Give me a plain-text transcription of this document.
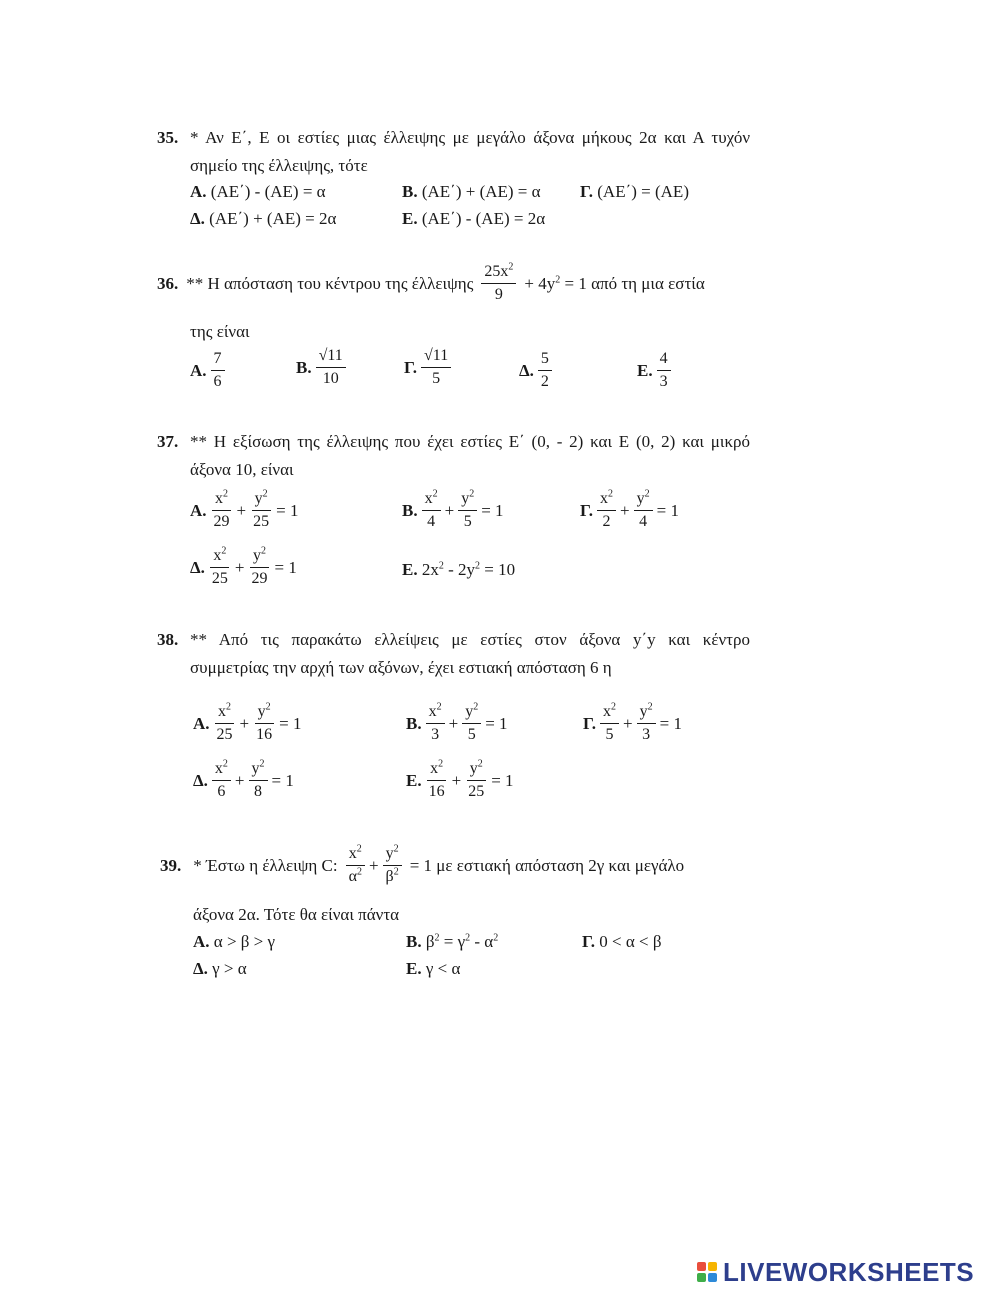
35. * Αν Ε΄, Ε οι εστίες μιας έλλειψης με μεγάλο άξονα μήκους 2α και Α τυχόν
σημείο της έλλειψης, τότε
Α. (ΑΕ΄) - (ΑΕ) = α	Β. (ΑΕ΄) + (ΑΕ) = α Γ. (ΑΕ΄) = (ΑΕ)
Δ. (ΑΕ΄) + (ΑΕ) = 2α	Ε. (ΑΕ΄) - (ΑΕ) = 2α
36. ** Η απόσταση του κέντρου της έλλειψης $\frac{25x^2}{9} + 4y^2 = 1$ από τη μια εστία
της είναι
Α. $\frac{7}{6}$	Β. $\frac{√11}{10}$	Γ. $\frac{√11}{5}$	Δ. $\frac{5}{2}$	Ε. $\frac{4}{3}$
37. ** Η εξίσωση της έλλειψης που έχει εστίες Ε΄ (0, - 2) και Ε (0, 2) και μικρό
άξονα 10, είναι
Α. $\frac{x^2}{29} + \frac{y^2}{25} = 1$	Β. $\frac{x^2}{4} + \frac{y^2}{5} = 1$	Γ. $\frac{x^2}{2} + \frac{y^2}{4} = 1$
Δ. $\frac{x^2}{25} + \frac{y^2}{29} = 1$	Ε. $2x^2 - 2y^2 = 10$
38. ** Από τις παρακάτω ελλείψεις με εστίες στον άξονα y΄y και κέντρο
συμμετρίας την αρχή των αξόνων, έχει εστιακή απόσταση 6 η
Α. $\frac{x^2}{25} + \frac{y^2}{16} = 1$	Β. $\frac{x^2}{3} + \frac{y^2}{5} = 1$	Γ. $\frac{x^2}{5} + \frac{y^2}{3} = 1$
Δ. $\frac{x^2}{6} + \frac{y^2}{8} = 1$	Ε. $\frac{x^2}{16} + \frac{y^2}{25} = 1$
39. * Έστω η έλλειψη C: $\frac{x^2}{\alpha^2} + \frac{y^2}{\beta^2} = 1$ με εστιακή απόσταση 2γ και μεγάλο
άξονα 2α. Τότε θα είναι πάντα
Α. α > β > γ	Β. $\beta^2 = \gamma^2 - \alpha^2$	Γ. 0 < α < β
Δ. γ > α	Ε. γ < α
LIVEWORKSHEETS
